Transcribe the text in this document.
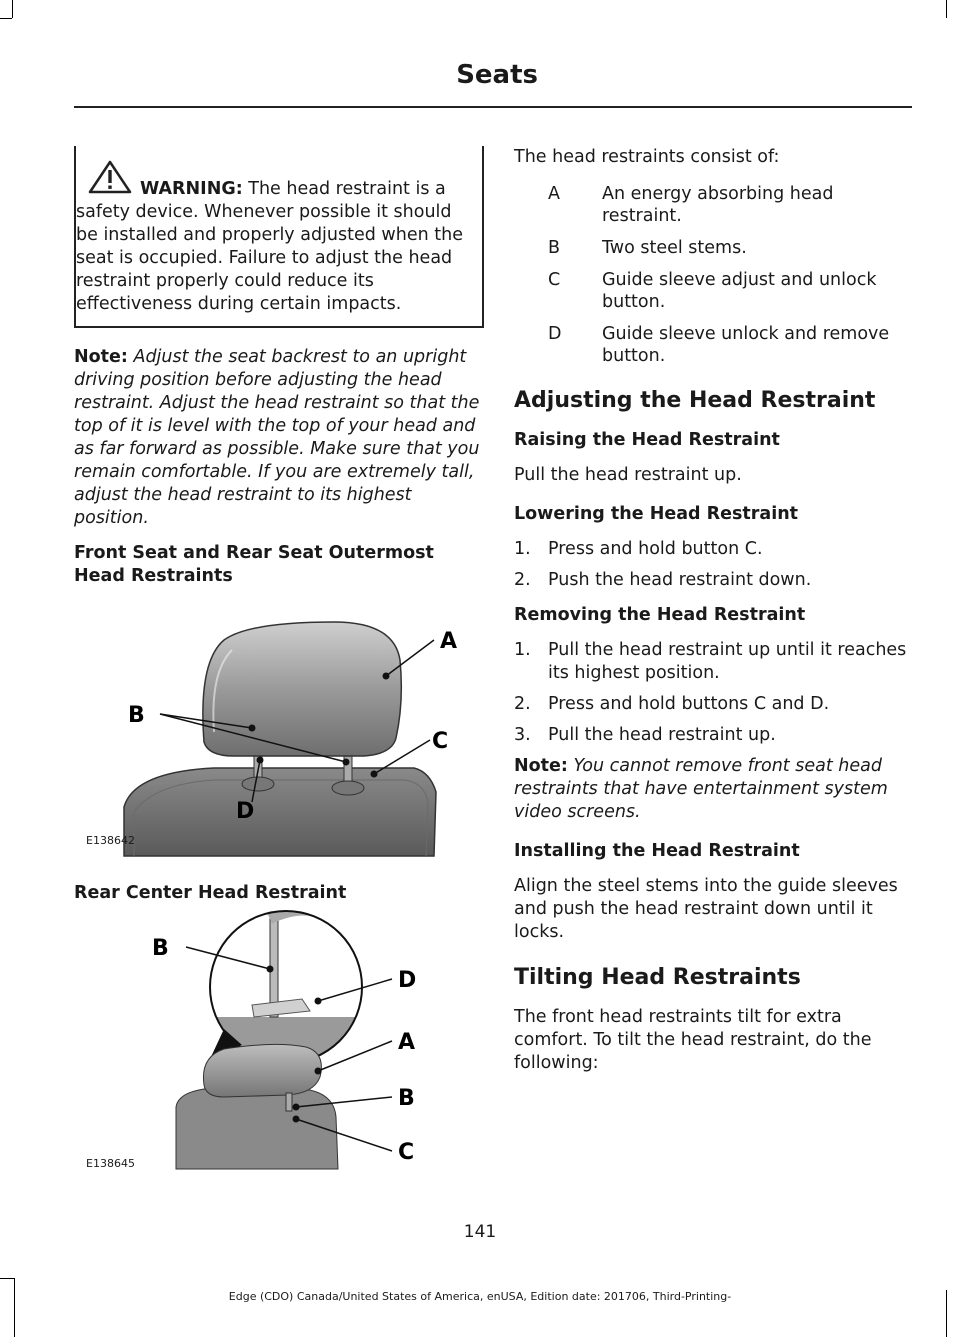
Seats
WARNING: The head restraint is a safety device. Whenever possible it should be installed and properly adjusted when the seat is occupied. Failure to adjust the head restraint properly could reduce its effectiveness during certain impacts.
Note: Adjust the seat backrest to an upright driving position before adjusting the head restraint. Adjust the head restraint so that the top of it is level with the top of your head and as far forward as possible. Make sure that you remain comfortable. If you are extremely tall, adjust the head restraint to its highest position.
Front Seat and Rear Seat Outermost Head Restraints
A
B
C
D
E138642
Rear Center Head Restraint
B
D
A
B
C
E138645

The head restraints consist of:

A	An energy absorbing head restraint.
B	Two steel stems.
C	Guide sleeve adjust and unlock button.
D	Guide sleeve unlock and remove button.
Adjusting the Head Restraint
Raising the Head Restraint

Pull the head restraint up.

Lowering the Head Restraint
1. Press and hold button C.
2. Push the head restraint down.
Removing the Head Restraint
1. Pull the head restraint up until it reaches its highest position.
2. Press and hold buttons C and D.
3. Pull the head restraint up.

Note: You cannot remove front seat head restraints that have entertainment system video screens.

Installing the Head Restraint

Align the steel stems into the guide sleeves and push the head restraint down until it locks.

Tilting Head Restraints

The front head restraints tilt for extra comfort. To tilt the head restraint, do the following:

141
Edge (CDO) Canada/United States of America, enUSA, Edition date: 201706, Third-Printing-
